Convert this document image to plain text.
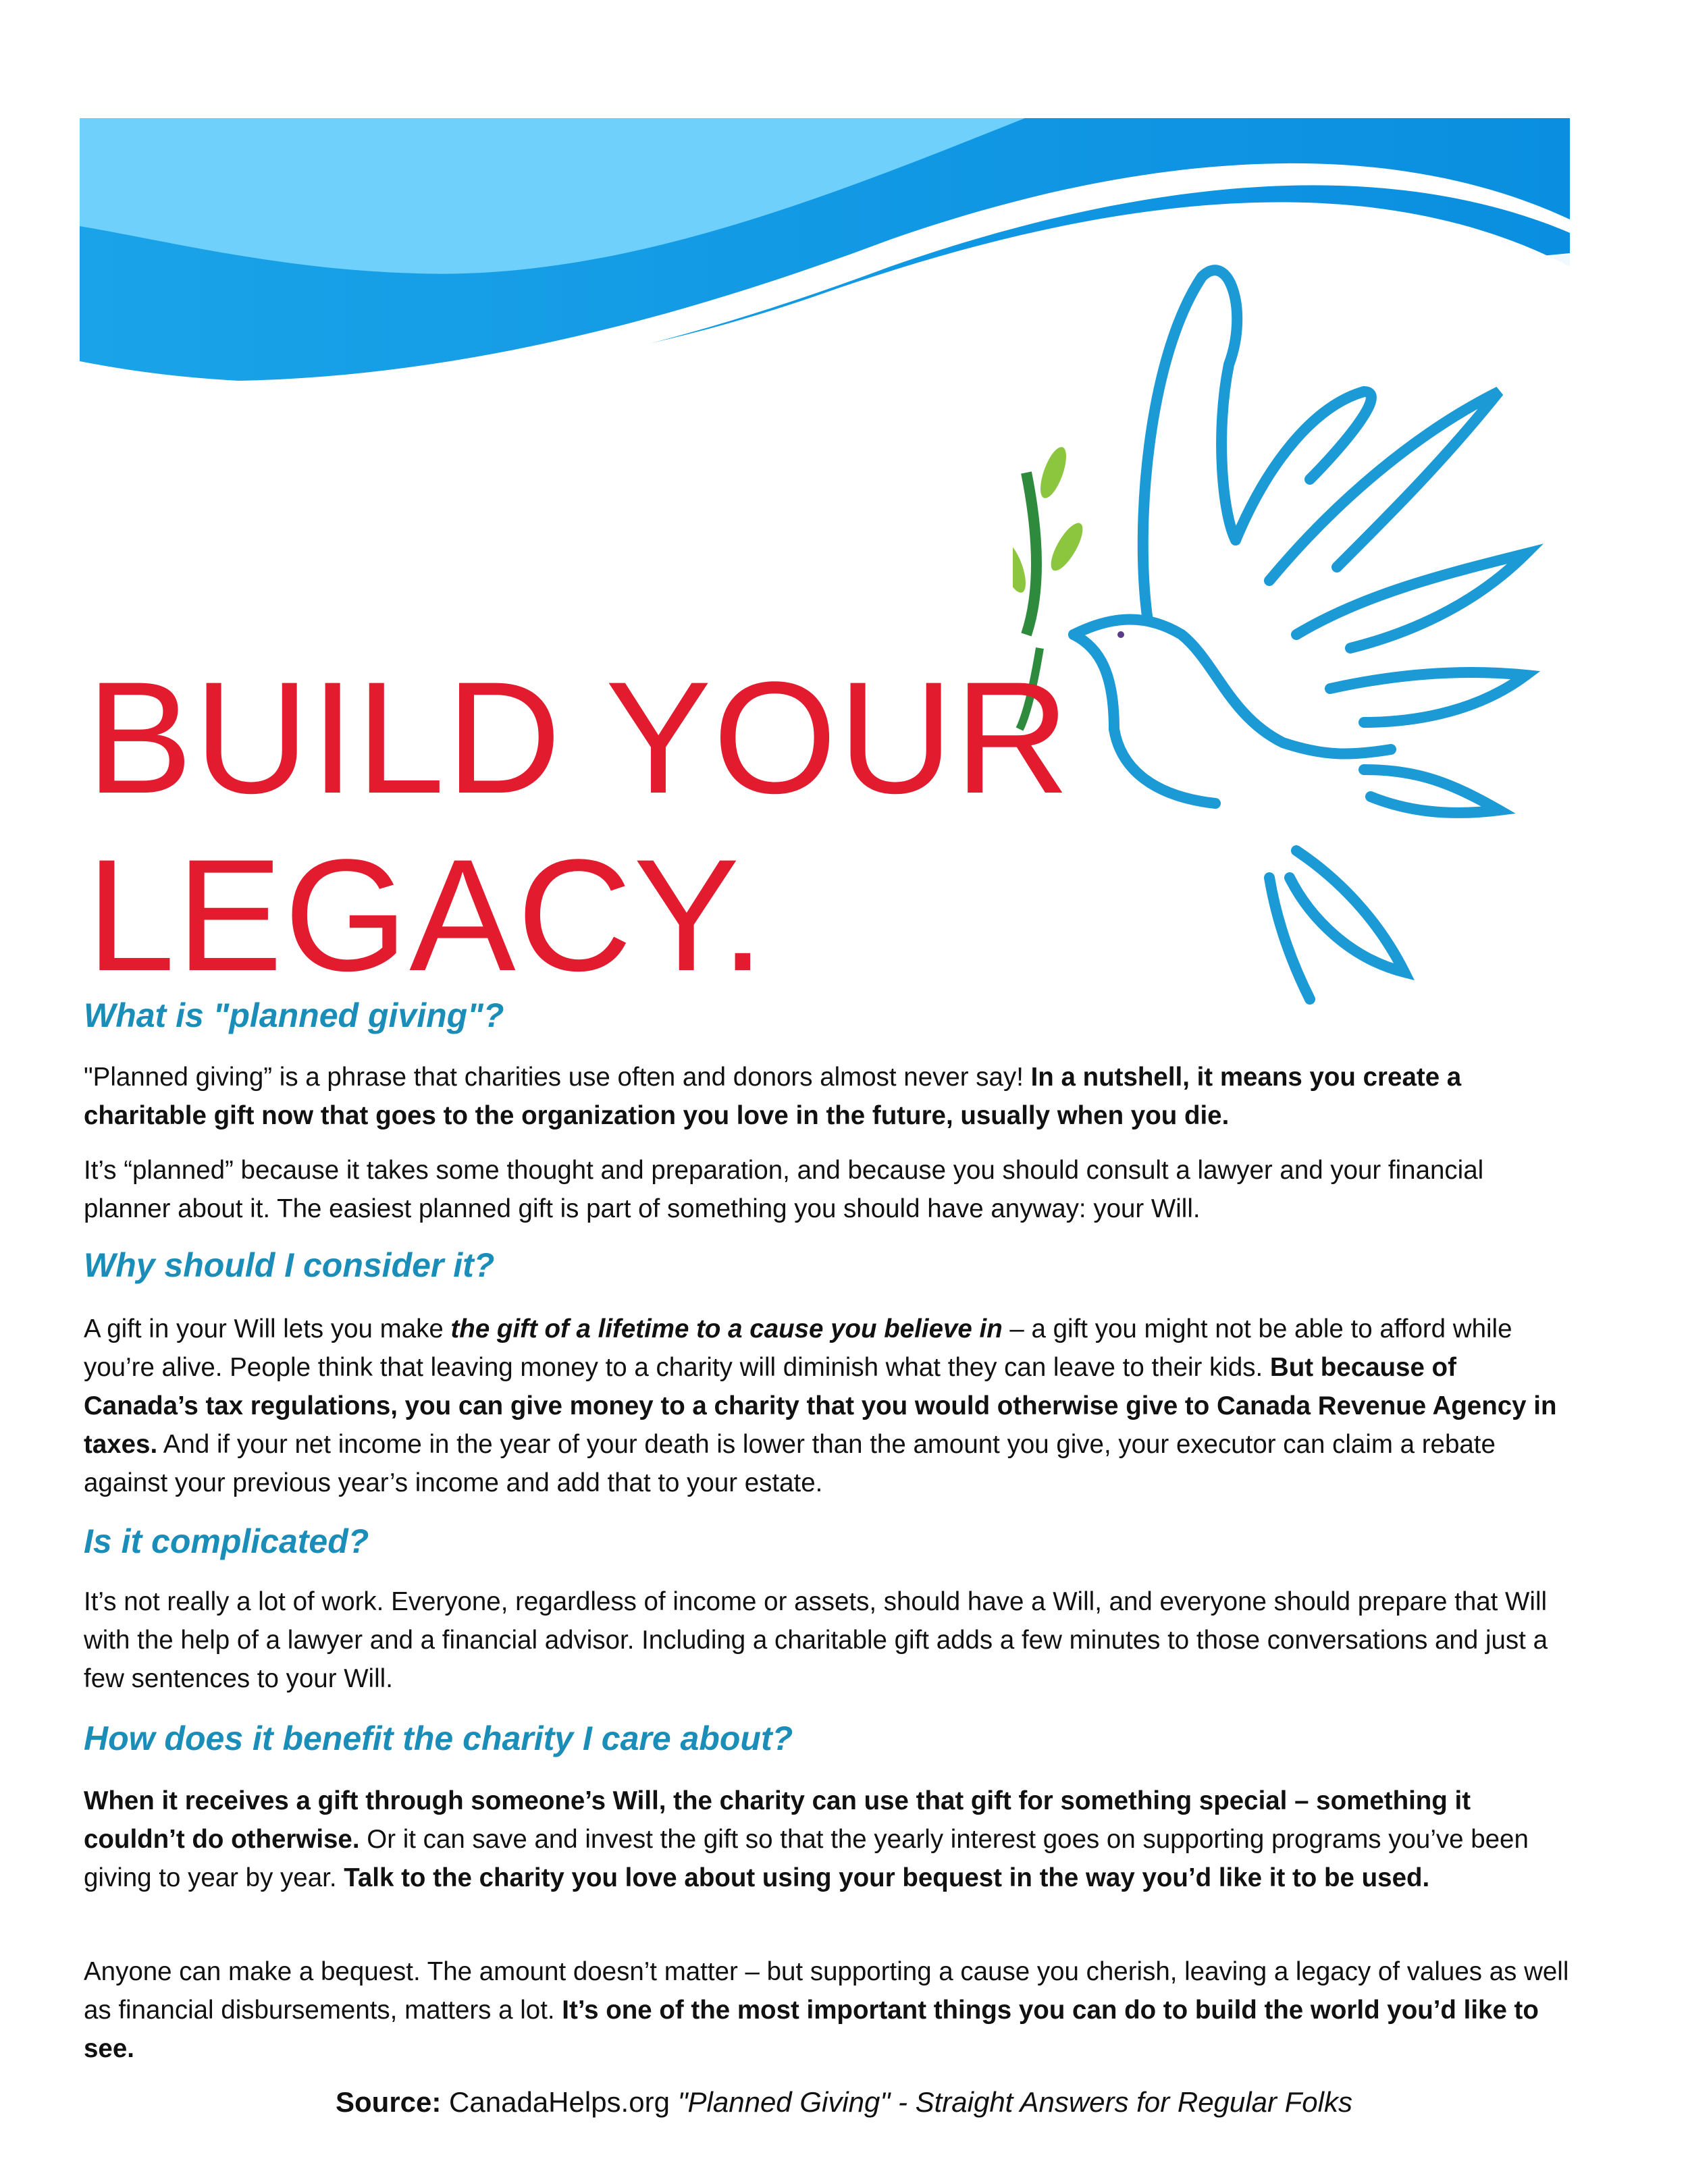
BUILD YOUR
LEGACY.
What is "planned giving"?

"Planned giving” is a phrase that charities use often and donors almost never say! In a nutshell, it means you create a charitable gift now that goes to the organization you love in the future, usually when you die.

It’s “planned” because it takes some thought and preparation, and because you should consult a lawyer and your financial planner about it. The easiest planned gift is part of something you should have anyway: your Will.

Why should I consider it?

A gift in your Will lets you make the gift of a lifetime to a cause you believe in – a gift you might not be able to afford while you’re alive. People think that leaving money to a charity will diminish what they can leave to their kids. But because of Canada’s tax regulations, you can give money to a charity that you would otherwise give to Canada Revenue Agency in taxes. And if your net income in the year of your death is lower than the amount you give, your executor can claim a rebate against your previous year’s income and add that to your estate.

Is it complicated?

It’s not really a lot of work. Everyone, regardless of income or assets, should have a Will, and everyone should prepare that Will with the help of a lawyer and a financial advisor. Including a charitable gift adds a few minutes to those conversations and just a few sentences to your Will.

How does it benefit the charity I care about?

When it receives a gift through someone’s Will, the charity can use that gift for something special – something it couldn’t do otherwise. Or it can save and invest the gift so that the yearly interest goes on supporting programs you’ve been giving to year by year. Talk to the charity you love about using your bequest in the way you’d like it to be used.

Anyone can make a bequest. The amount doesn’t matter – but supporting a cause you cherish, leaving a legacy of values as well as financial disbursements, matters a lot. It’s one of the most important things you can do to build the world you’d like to see.

Source: CanadaHelps.org "Planned Giving" - Straight Answers for Regular Folks
